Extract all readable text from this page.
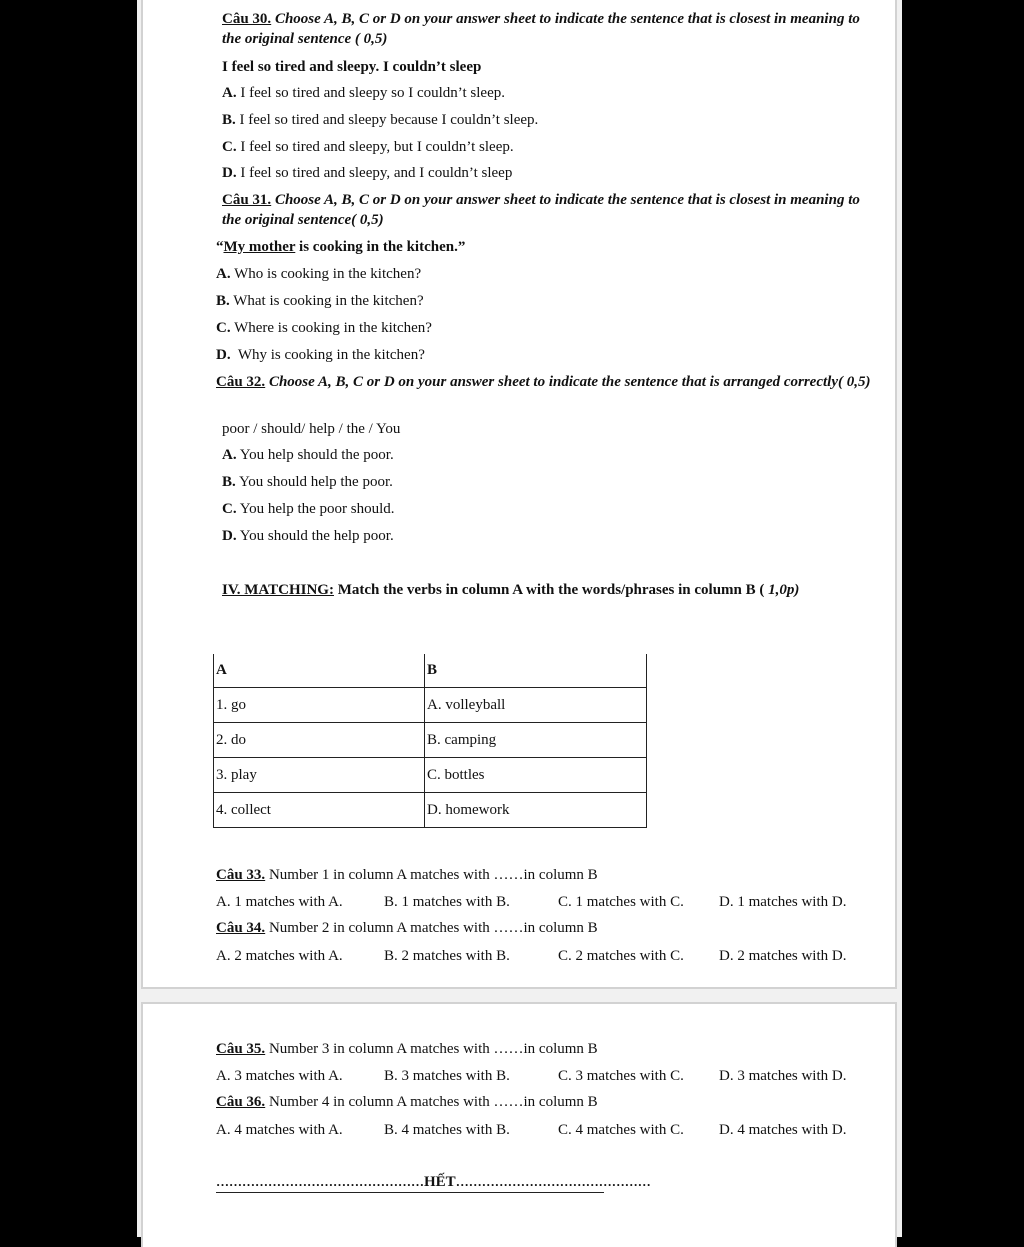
Câu 30. Choose A, B, C or D on your answer sheet to indicate the sentence that is closest in meaning to the original sentence ( 0,5)
I feel so tired and sleepy. I couldn’t sleep
A. I feel so tired and sleepy so I couldn’t sleep.
B. I feel so tired and sleepy because I couldn’t sleep.
C. I feel so tired and sleepy, but I couldn’t sleep.
D. I feel so tired and sleepy, and I couldn’t sleep
Câu 31. Choose A, B, C or D on your answer sheet to indicate the sentence that is closest in meaning to the original sentence( 0,5)
“My mother is cooking in the kitchen.”
A. Who is cooking in the kitchen?
B. What is cooking in the kitchen?
C. Where is cooking in the kitchen?
D.  Why is cooking in the kitchen?
Câu 32. Choose A, B, C or D on your answer sheet to indicate the sentence that is arranged correctly( 0,5)
poor / should/ help / the / You
A. You help should the poor.
B. You should help the poor.
C. You help the poor should.
D. You should the help poor.
IV. MATCHING: Match the verbs in column A with the words/phrases in column B ( 1,0p)
A	B
1. go	A. volleyball
2. do	B. camping
3. play	C. bottles
4. collect	D. homework
Câu 33. Number 1 in column A matches with ……in column B
A. 1 matches with A.	B. 1 matches with B.	C. 1 matches with C. D. 1 matches with D.
Câu 34. Number 2 in column A matches with ……in column B
A. 2 matches with A.	B. 2 matches with B.	C. 2 matches with C. D. 2 matches with D.
Câu 35. Number 3 in column A matches with ……in column B
A. 3 matches with A.	B. 3 matches with B.	C. 3 matches with C. D. 3 matches with D.
Câu 36. Number 4 in column A matches with ……in column B
A. 4 matches with A.	B. 4 matches with B.	C. 4 matches with C. D. 4 matches with D.
…………………………………………HẾT………………………………………
